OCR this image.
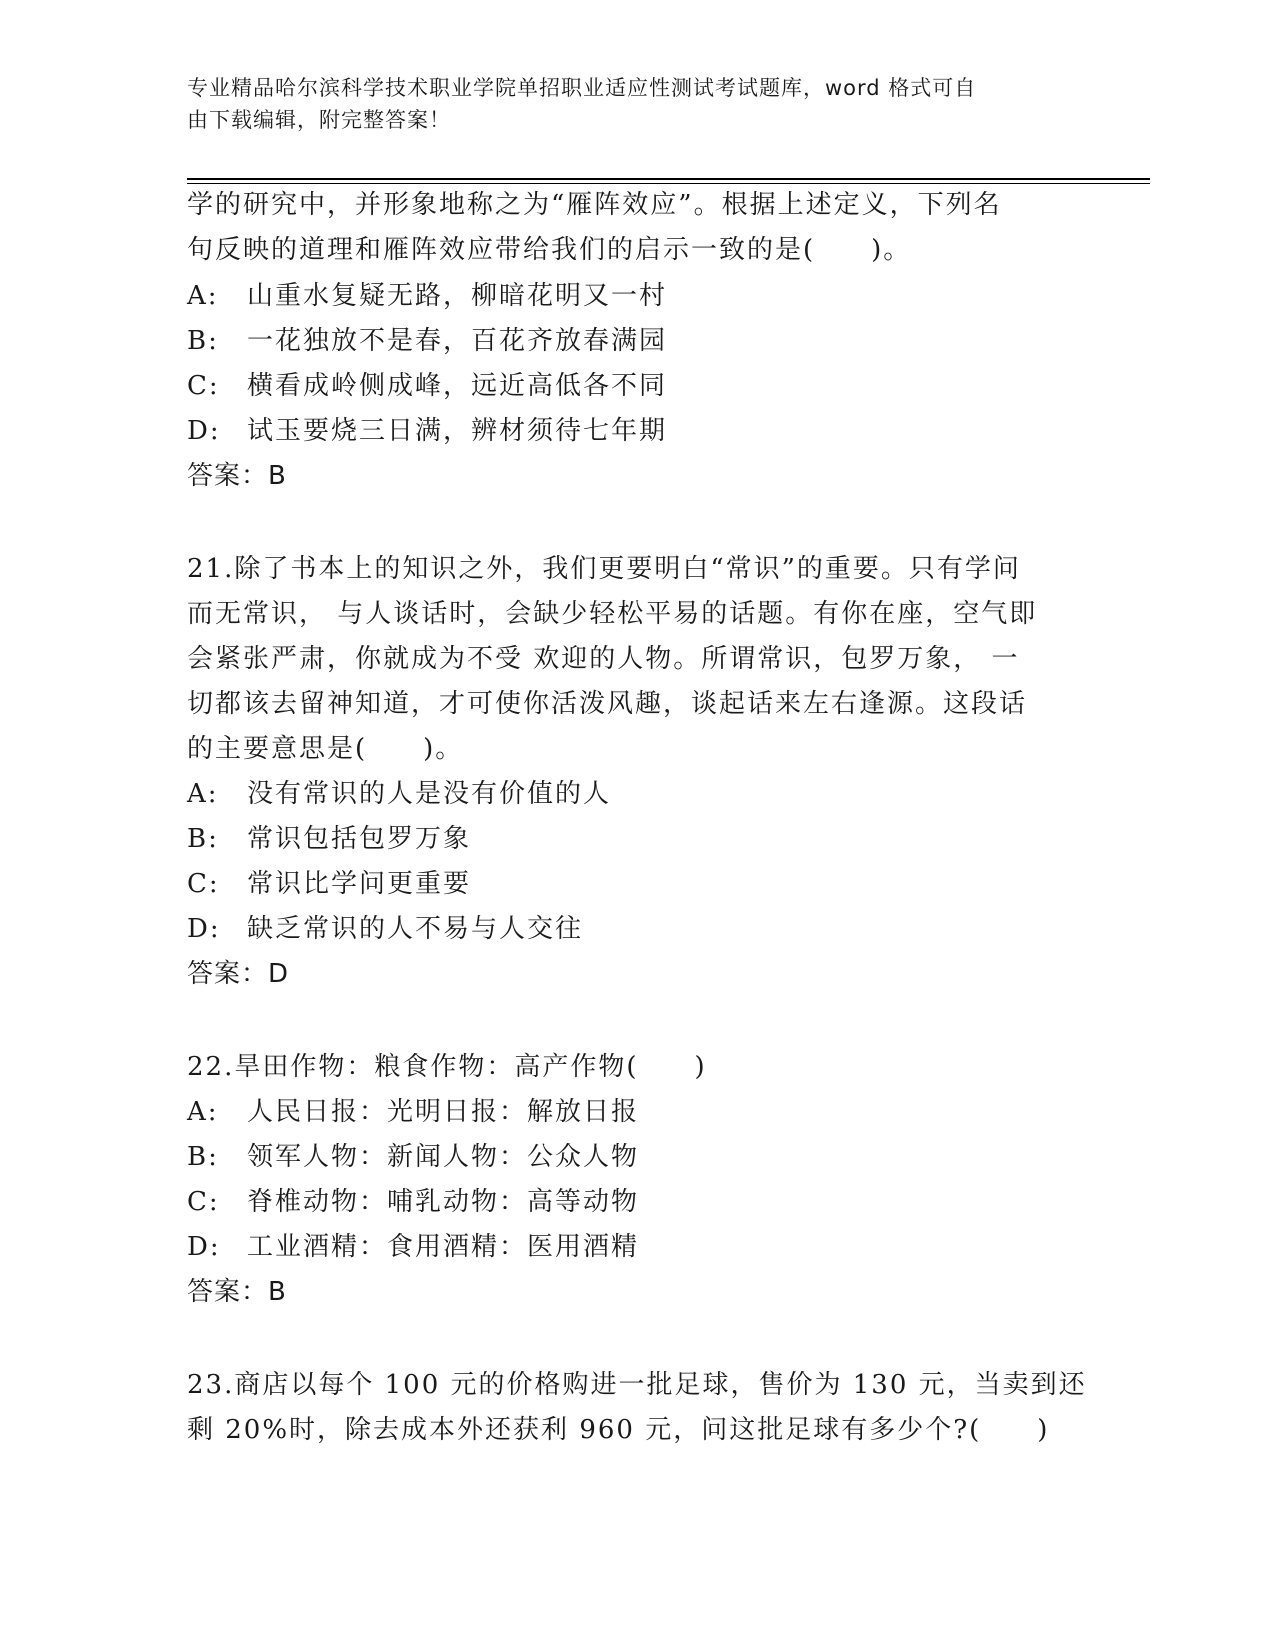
专业精品哈尔滨科学技术职业学院单招职业适应性测试考试题库，word 格式可自
由下载编辑，附完整答案！
学的研究中，并形象地称之为“雁阵效应”。根据上述定义，下列名
句反映的道理和雁阵效应带给我们的启示一致的是(　　)。
A: 山重水复疑无路，柳暗花明又一村
B: 一花独放不是春，百花齐放春满园
C: 横看成岭侧成峰，远近高低各不同
D: 试玉要烧三日满，辨材须待七年期
答案：B
21.除了书本上的知识之外，我们更要明白“常识”的重要。只有学问
而无常识， 与人谈话时，会缺少轻松平易的话题。有你在座，空气即
会紧张严肃，你就成为不受 欢迎的人物。所谓常识，包罗万象， 一
切都该去留神知道，才可使你活泼风趣，谈起话来左右逢源。这段话
的主要意思是(　　)。
A: 没有常识的人是没有价值的人
B: 常识包括包罗万象
C: 常识比学问更重要
D: 缺乏常识的人不易与人交往
答案：D
22.旱田作物：粮食作物：高产作物(　　)
A: 人民日报：光明日报：解放日报
B: 领军人物：新闻人物：公众人物
C: 脊椎动物：哺乳动物：高等动物
D: 工业酒精：食用酒精：医用酒精
答案：B
23.商店以每个 100 元的价格购进一批足球，售价为 130 元，当卖到还
剩 20%时，除去成本外还获利 960 元，问这批足球有多少个?(　　)
